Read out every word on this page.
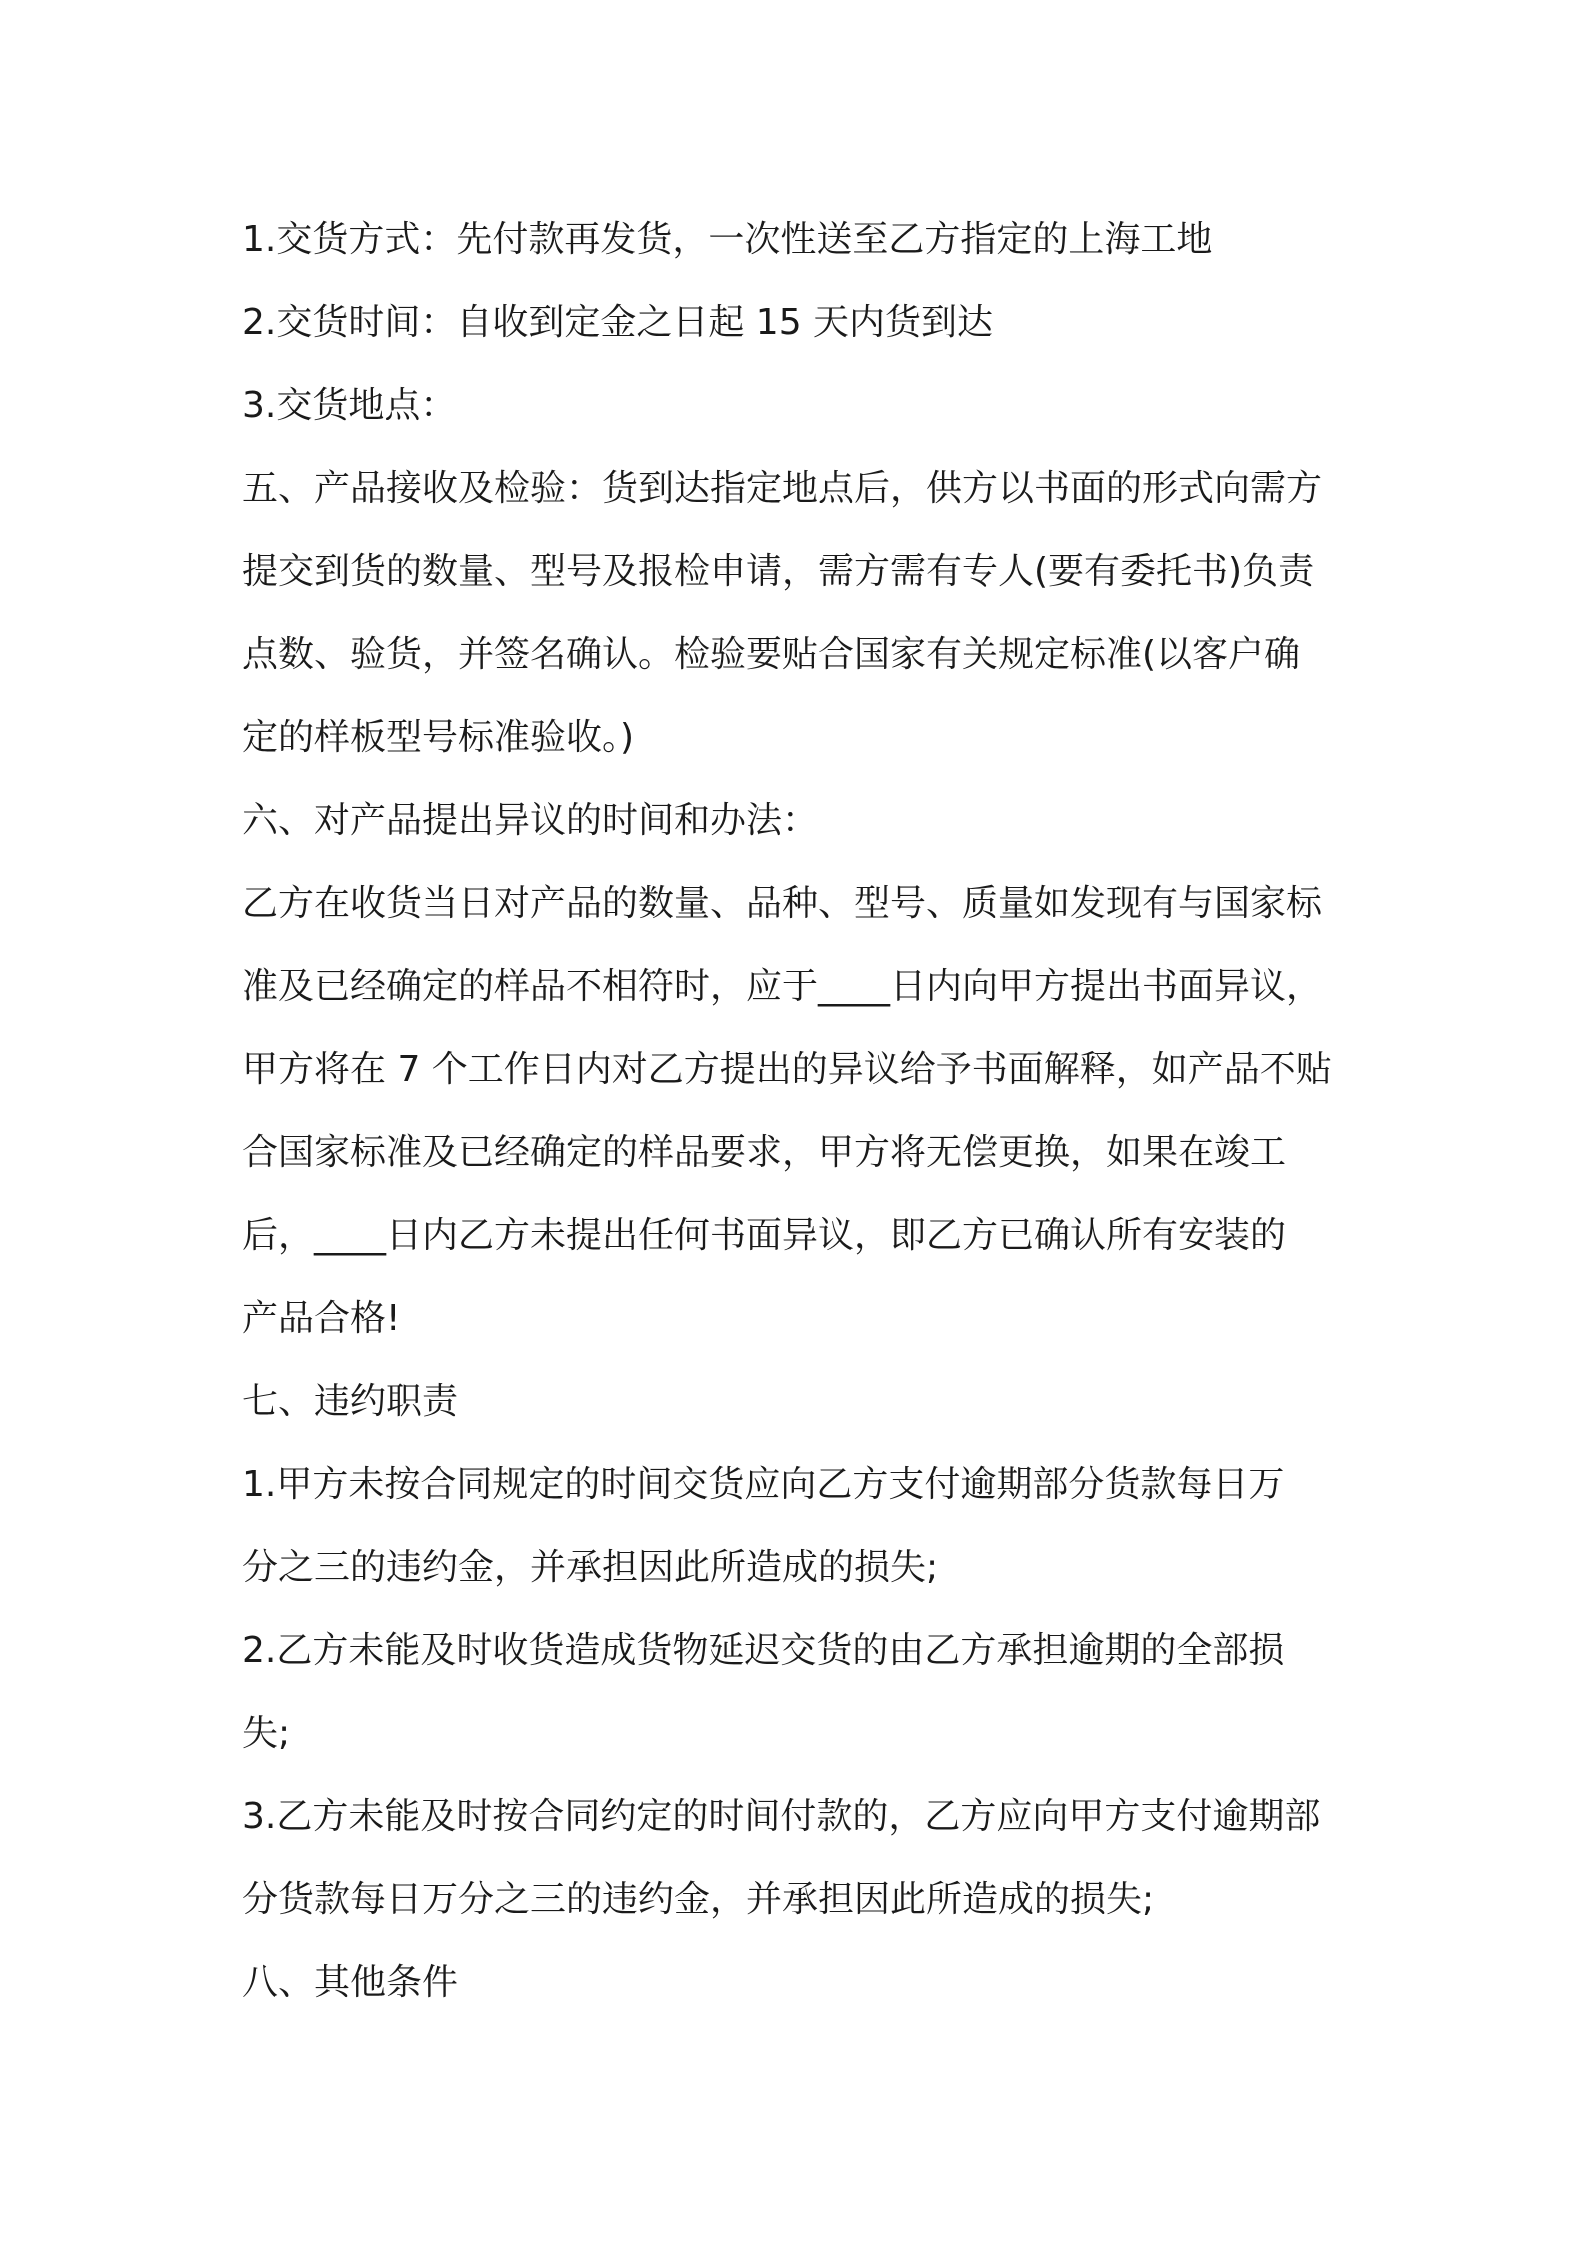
1.交货方式：先付款再发货，一次性送至乙方指定的上海工地
2.交货时间：自收到定金之日起 15 天内货到达
3.交货地点：
五、产品接收及检验：货到达指定地点后，供方以书面的形式向需方
提交到货的数量、型号及报检申请，需方需有专人(要有委托书)负责
点数、验货，并签名确认。检验要贴合国家有关规定标准(以客户确
定的样板型号标准验收。)
六、对产品提出异议的时间和办法：
乙方在收货当日对产品的数量、品种、型号、质量如发现有与国家标
准及已经确定的样品不相符时，应于____日内向甲方提出书面异议，
甲方将在 7 个工作日内对乙方提出的异议给予书面解释，如产品不贴
合国家标准及已经确定的样品要求，甲方将无偿更换，如果在竣工
后，____日内乙方未提出任何书面异议，即乙方已确认所有安装的
产品合格!
七、违约职责
1.甲方未按合同规定的时间交货应向乙方支付逾期部分货款每日万
分之三的违约金，并承担因此所造成的损失;
2.乙方未能及时收货造成货物延迟交货的由乙方承担逾期的全部损
失;
3.乙方未能及时按合同约定的时间付款的，乙方应向甲方支付逾期部
分货款每日万分之三的违约金，并承担因此所造成的损失;
八、其他条件
